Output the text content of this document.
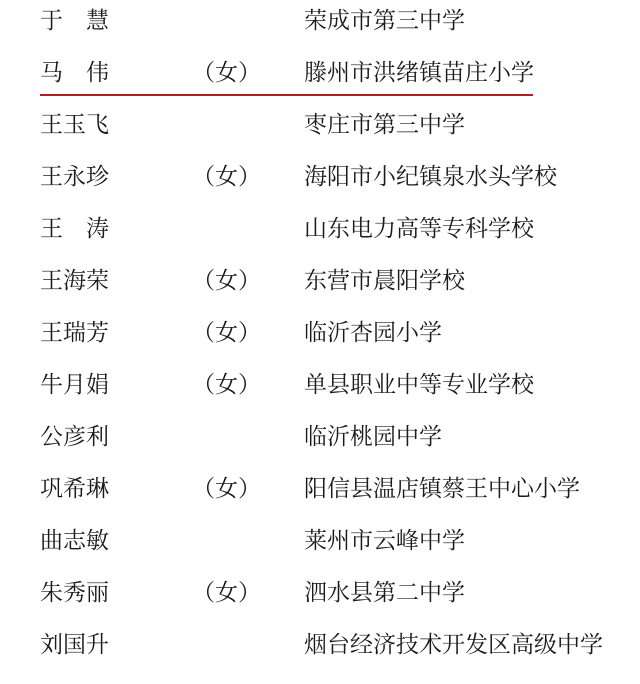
于　慧	荣成市第三中学
马　伟	（女） 滕州市洪绪镇苗庄小学
王玉飞	枣庄市第三中学
王永珍	（女） 海阳市小纪镇泉水头学校
王　涛	山东电力高等专科学校
王海荣	（女） 东营市晨阳学校
王瑞芳	（女） 临沂杏园小学
牛月娟	（女） 单县职业中等专业学校
公彦利	临沂桃园中学
巩希琳	（女） 阳信县温店镇蔡王中心小学
曲志敏	莱州市云峰中学
朱秀丽	（女） 泗水县第二中学
刘国升	烟台经济技术开发区高级中学
